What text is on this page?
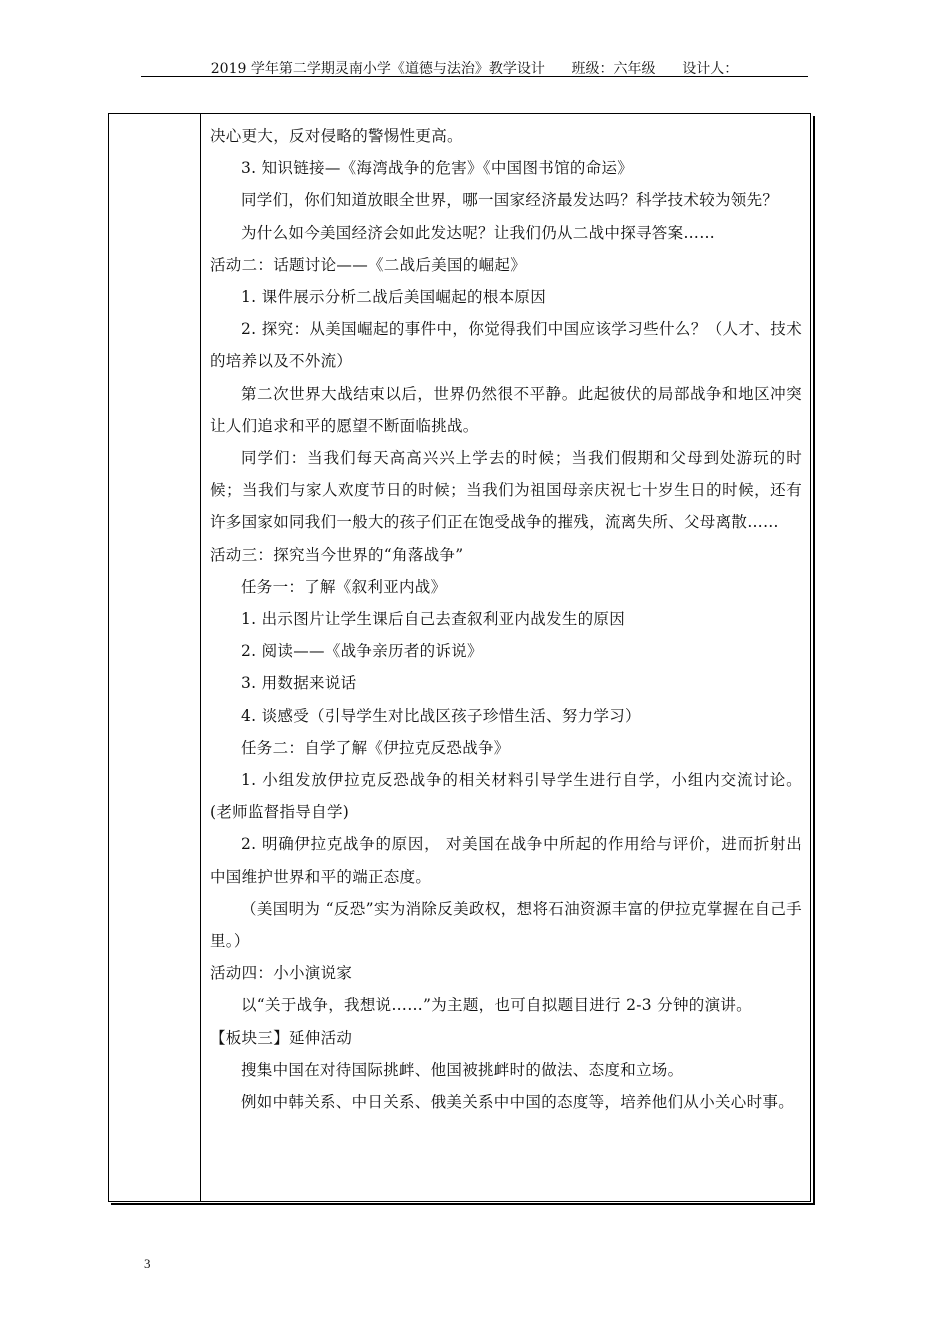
2019 学年第二学期灵南小学《道德与法治》教学设计      班级：六年级      设计人：

决心更大，反对侵略的警惕性更高。

3. 知识链接—《海湾战争的危害》《中国图书馆的命运》

同学们，你们知道放眼全世界，哪一国家经济最发达吗？科学技术较为领先？

为什么如今美国经济会如此发达呢？让我们仍从二战中探寻答案……

活动二：话题讨论——《二战后美国的崛起》

1. 课件展示分析二战后美国崛起的根本原因

2. 探究：从美国崛起的事件中，你觉得我们中国应该学习些什么？（人才、技术的培养以及不外流）

第二次世界大战结束以后，世界仍然很不平静。此起彼伏的局部战争和地区冲突让人们追求和平的愿望不断面临挑战。

同学们：当我们每天高高兴兴上学去的时候；当我们假期和父母到处游玩的时候；当我们与家人欢度节日的时候；当我们为祖国母亲庆祝七十岁生日的时候，还有许多国家如同我们一般大的孩子们正在饱受战争的摧残，流离失所、父母离散……

活动三：探究当今世界的“角落战争”

任务一：了解《叙利亚内战》

1. 出示图片让学生课后自己去查叙利亚内战发生的原因

2. 阅读——《战争亲历者的诉说》

3. 用数据来说话

4. 谈感受（引导学生对比战区孩子珍惜生活、努力学习）

任务二：自学了解《伊拉克反恐战争》

1. 小组发放伊拉克反恐战争的相关材料引导学生进行自学，小组内交流讨论。(老师监督指导自学)

2. 明确伊拉克战争的原因， 对美国在战争中所起的作用给与评价，进而折射出中国维护世界和平的端正态度。

（美国明为 “反恐”实为消除反美政权，想将石油资源丰富的伊拉克掌握在自己手里。）

活动四：小小演说家

以“关于战争，我想说……”为主题，也可自拟题目进行 2-3 分钟的演讲。

【板块三】延伸活动

搜集中国在对待国际挑衅、他国被挑衅时的做法、态度和立场。

例如中韩关系、中日关系、俄美关系中中国的态度等，培养他们从小关心时事。

3
